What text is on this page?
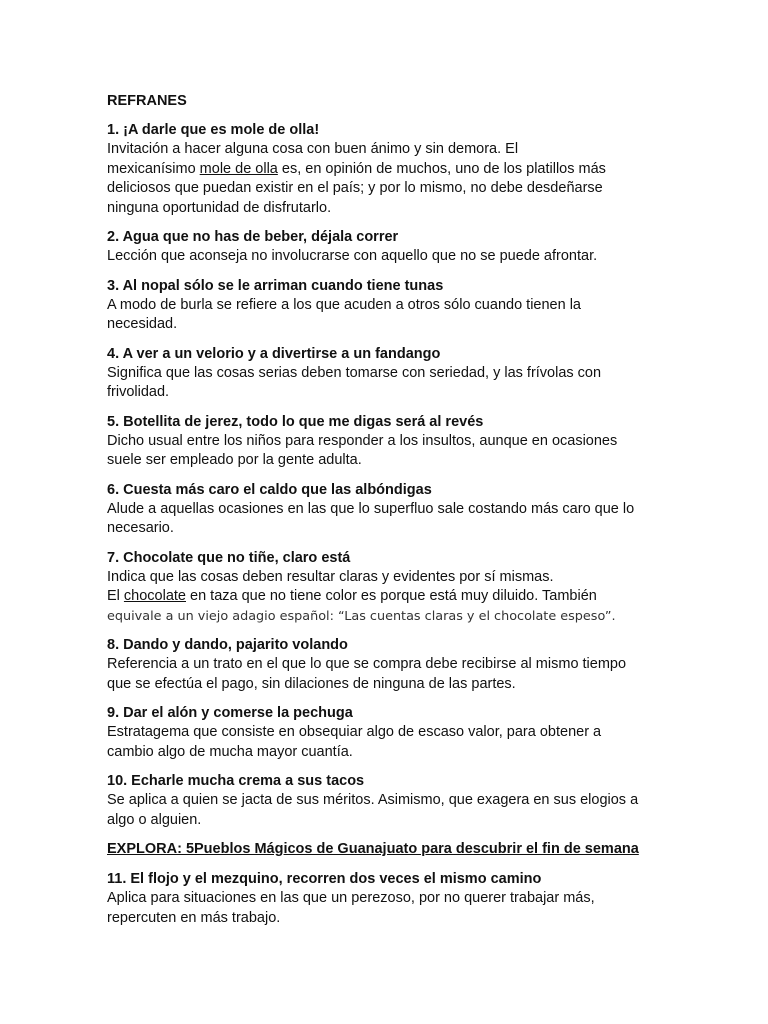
REFRANES
1. ¡A darle que es mole de olla!
Invitación a hacer alguna cosa con buen ánimo y sin demora. El
mexicanísimo mole de olla es, en opinión de muchos, uno de los platillos más
deliciosos que puedan existir en el país; y por lo mismo, no debe desdeñarse
ninguna oportunidad de disfrutarlo.
2. Agua que no has de beber, déjala correr
Lección que aconseja no involucrarse con aquello que no se puede afrontar.
3. Al nopal sólo se le arriman cuando tiene tunas
A modo de burla se refiere a los que acuden a otros sólo cuando tienen la
necesidad.
4. A ver a un velorio y a divertirse a un fandango
Significa que las cosas serias deben tomarse con seriedad, y las frívolas con
frivolidad.
5. Botellita de jerez, todo lo que me digas será al revés
Dicho usual entre los niños para responder a los insultos, aunque en ocasiones
suele ser empleado por la gente adulta.
6. Cuesta más caro el caldo que las albóndigas
Alude a aquellas ocasiones en las que lo superfluo sale costando más caro que lo
necesario.
7. Chocolate que no tiñe, claro está
Indica que las cosas deben resultar claras y evidentes por sí mismas.
El chocolate en taza que no tiene color es porque está muy diluido. También
equivale a un viejo adagio español: “Las cuentas claras y el chocolate espeso”.
8. Dando y dando, pajarito volando
Referencia a un trato en el que lo que se compra debe recibirse al mismo tiempo
que se efectúa el pago, sin dilaciones de ninguna de las partes.
9. Dar el alón y comerse la pechuga
Estratagema que consiste en obsequiar algo de escaso valor, para obtener a
cambio algo de mucha mayor cuantía.
10. Echarle mucha crema a sus tacos
Se aplica a quien se jacta de sus méritos. Asimismo, que exagera en sus elogios a
algo o alguien.
EXPLORA: 5Pueblos Mágicos de Guanajuato para descubrir el fin de semana
11. El flojo y el mezquino, recorren dos veces el mismo camino
Aplica para situaciones en las que un perezoso, por no querer trabajar más,
repercuten en más trabajo.
